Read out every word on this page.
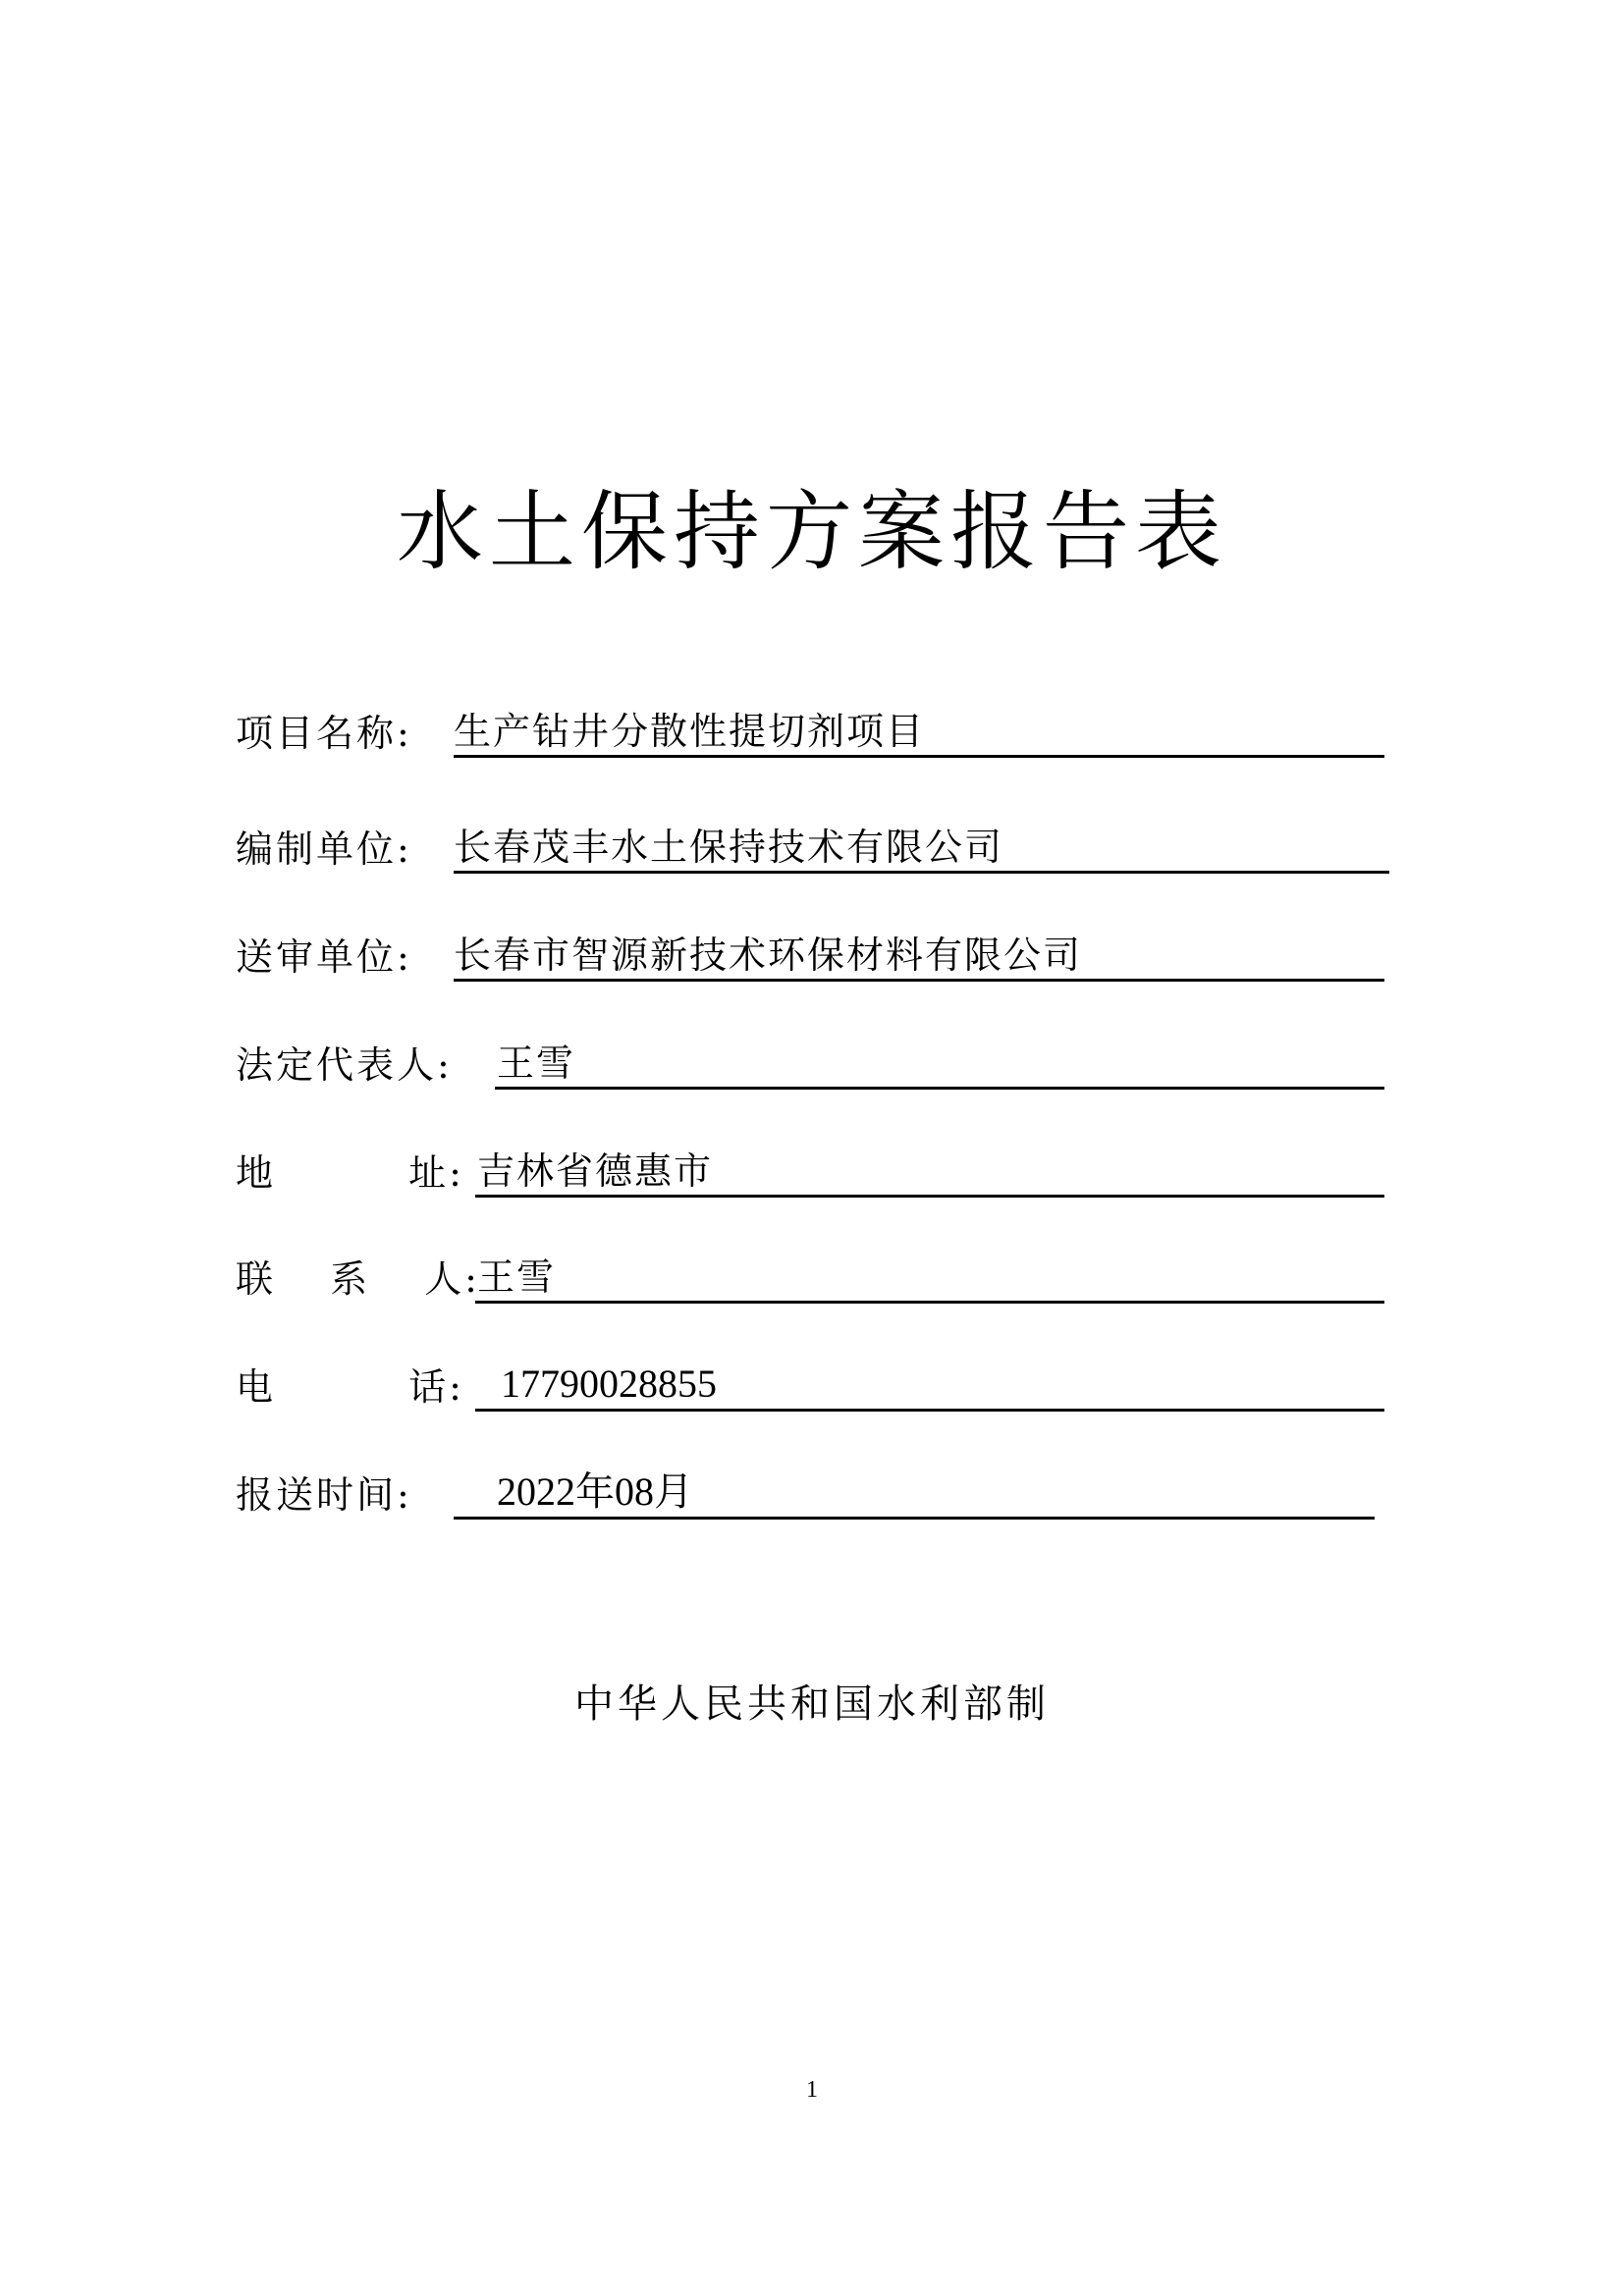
水土保持方案报告表
项目名称: 生产钻井分散性提切剂项目
编制单位: 长春茂丰水土保持技术有限公司
送审单位: 长春市智源新技术环保材料有限公司
法定代表人: 王雪
地 址: 吉林省德惠市
联 系 人:
王雪
电 话: 17790028855
报送时间: 2022年08月
中华人民共和国水利部制
1
